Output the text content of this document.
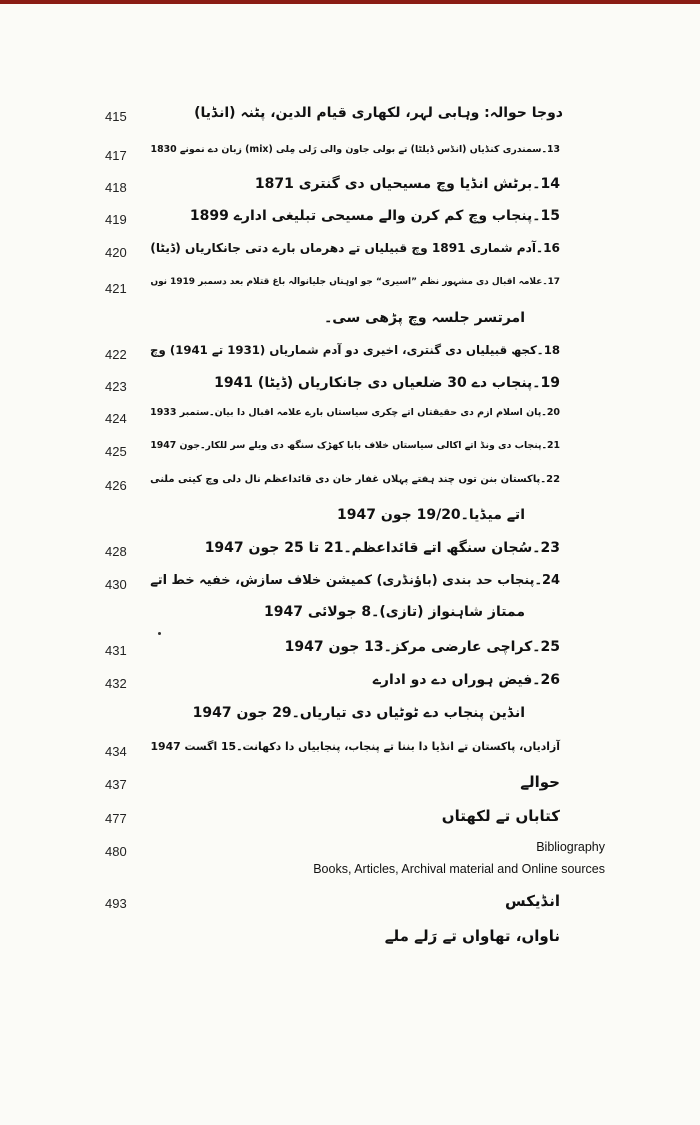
415	دوجا حوالہ: وہابی لہر، لکھاری قیام الدین، پٹنہ (انڈیا)
417	13۔سمندری کنڈیاں (انڈس ڈیلٹا) تے بولی جاون والی رَلی مِلی (mix) زبان دے نمونے 1830
418	14۔برٹش انڈیا وچ مسیحیاں دی گنتری 1871
419	15۔پنجاب وچ کم کرن والے مسیحی تبلیغی ادارے 1899
420 16۔آدم شماری 1891 وچ قبیلیاں تے دھرماں بارے دتی جانکاریاں (ڈیٹا)
421	17۔علامہ اقبال دی مشہور نظم ”اسیری“ جو اوہناں جلیانوالہ باغ قتلام بعد دسمبر 1919 نوں
امرتسر جلسہ وچ پڑھی سی۔
422 18۔کجھ قبیلیاں دی گنتری، اخیری دو آدم شماریاں (1931 تے 1941) وچ
423	19۔پنجاب دے 30 ضلعیاں دی جانکاریاں (ڈیٹا) 1941
424 20۔پان اسلام ازم دی حقیقتاں اتے چکری سیاستاں بارے علامہ اقبال دا بیان۔ستمبر 1933
425	21۔پنجاب دی ونڈ اتے اکالی سیاستاں خلاف بابا کھڑک سنگھ دی ویلے سر للکار۔جون 1947
426 22۔پاکستان بنن توں چند ہفتے پہلاں غفار خان دی قائداعظم نال دلی وچ کیتی ملنی
اتے میڈیا۔19/20 جون 1947
428	23۔سُجان سنگھ اتے قائداعظم۔21 تا 25 جون 1947
430 24۔پنجاب حد بندی (باؤنڈری) کمیشن خلاف سازش، خفیہ خط اتے
ممتاز شاہنواز (تازی)۔8 جولائی 1947
431	25۔کراچی عارضی مرکز۔13 جون 1947
432	26۔فیض ہوراں دے دو ادارے
انڈین پنجاب دے ٹوٹیاں دی تیاریاں۔29 جون 1947
434 آزادیاں، پاکستان تے انڈیا دا بننا تے پنجاب، پنجابیاں دا دکھانت۔15 اگست 1947
437	حوالے
477	کتاباں تے لکھتاں
480	Bibliography
Books, Articles, Archival material and Online sources
493	انڈیکس
ناواں، تھاواں تے رَلے ملے
